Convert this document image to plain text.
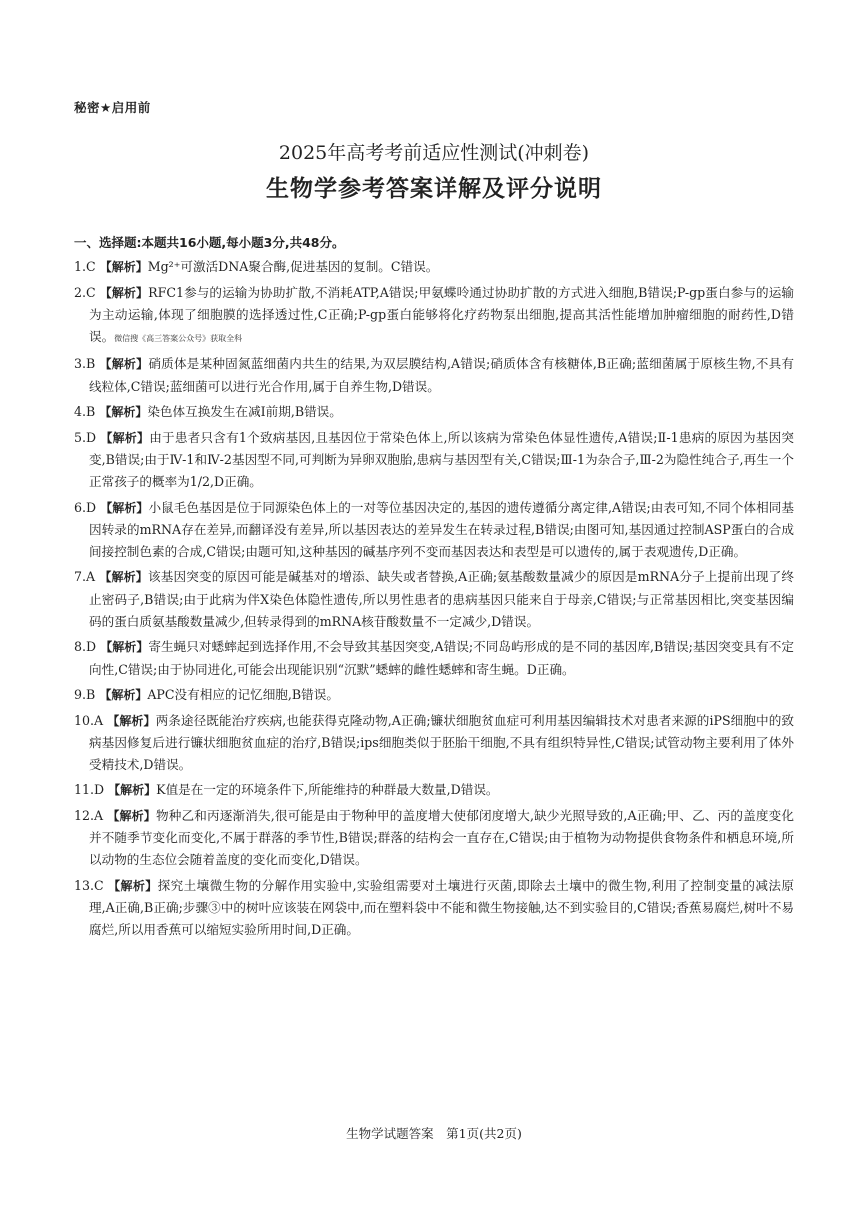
秘密★启用前
2025年高考考前适应性测试(冲刺卷)
生物学参考答案详解及评分说明
一、选择题:本题共16小题,每小题3分,共48分。
1.C 【解析】Mg²⁺可激活DNA聚合酶,促进基因的复制。C错误。
2.C 【解析】RFC1参与的运输为协助扩散,不消耗ATP,A错误;甲氨蝶呤通过协助扩散的方式进入细胞,B错误;P-gp蛋白参与的运输为主动运输,体现了细胞膜的选择透过性,C正确;P-gp蛋白能够将化疗药物泵出细胞,提高其活性能增加肿瘤细胞的耐药性,D错误。微信搜《高三答案公众号》获取全科
3.B 【解析】硝质体是某种固氮蓝细菌内共生的结果,为双层膜结构,A错误;硝质体含有核糖体,B正确;蓝细菌属于原核生物,不具有线粒体,C错误;蓝细菌可以进行光合作用,属于自养生物,D错误。
4.B 【解析】染色体互换发生在减Ⅰ前期,B错误。
5.D 【解析】由于患者只含有1个致病基因,且基因位于常染色体上,所以该病为常染色体显性遗传,A错误;Ⅱ-1患病的原因为基因突变,B错误;由于Ⅳ-1和Ⅳ-2基因型不同,可判断为异卵双胞胎,患病与基因型有关,C错误;Ⅲ-1为杂合子,Ⅲ-2为隐性纯合子,再生一个正常孩子的概率为1/2,D正确。
6.D 【解析】小鼠毛色基因是位于同源染色体上的一对等位基因决定的,基因的遗传遵循分离定律,A错误;由表可知,不同个体相同基因转录的mRNA存在差异,而翻译没有差异,所以基因表达的差异发生在转录过程,B错误;由图可知,基因通过控制ASP蛋白的合成间接控制色素的合成,C错误;由题可知,这种基因的碱基序列不变而基因表达和表型是可以遗传的,属于表观遗传,D正确。
7.A 【解析】该基因突变的原因可能是碱基对的增添、缺失或者替换,A正确;氨基酸数量减少的原因是mRNA分子上提前出现了终止密码子,B错误;由于此病为伴X染色体隐性遗传,所以男性患者的患病基因只能来自于母亲,C错误;与正常基因相比,突变基因编码的蛋白质氨基酸数量减少,但转录得到的mRNA核苷酸数量不一定减少,D错误。
8.D 【解析】寄生蝇只对蟋蟀起到选择作用,不会导致其基因突变,A错误;不同岛屿形成的是不同的基因库,B错误;基因突变具有不定向性,C错误;由于协同进化,可能会出现能识别“沉默”蟋蟀的雌性蟋蟀和寄生蝇。D正确。
9.B 【解析】APC没有相应的记忆细胞,B错误。
10.A 【解析】两条途径既能治疗疾病,也能获得克隆动物,A正确;镰状细胞贫血症可利用基因编辑技术对患者来源的iPS细胞中的致病基因修复后进行镰状细胞贫血症的治疗,B错误;ips细胞类似于胚胎干细胞,不具有组织特异性,C错误;试管动物主要利用了体外受精技术,D错误。
11.D 【解析】K值是在一定的环境条件下,所能维持的种群最大数量,D错误。
12.A 【解析】物种乙和丙逐渐消失,很可能是由于物种甲的盖度增大使郁闭度增大,缺少光照导致的,A正确;甲、乙、丙的盖度变化并不随季节变化而变化,不属于群落的季节性,B错误;群落的结构会一直存在,C错误;由于植物为动物提供食物条件和栖息环境,所以动物的生态位会随着盖度的变化而变化,D错误。
13.C 【解析】探究土壤微生物的分解作用实验中,实验组需要对土壤进行灭菌,即除去土壤中的微生物,利用了控制变量的减法原理,A正确,B正确;步骤③中的树叶应该装在网袋中,而在塑料袋中不能和微生物接触,达不到实验目的,C错误;香蕉易腐烂,树叶不易腐烂,所以用香蕉可以缩短实验所用时间,D正确。
生物学试题答案　第1页(共2页)
